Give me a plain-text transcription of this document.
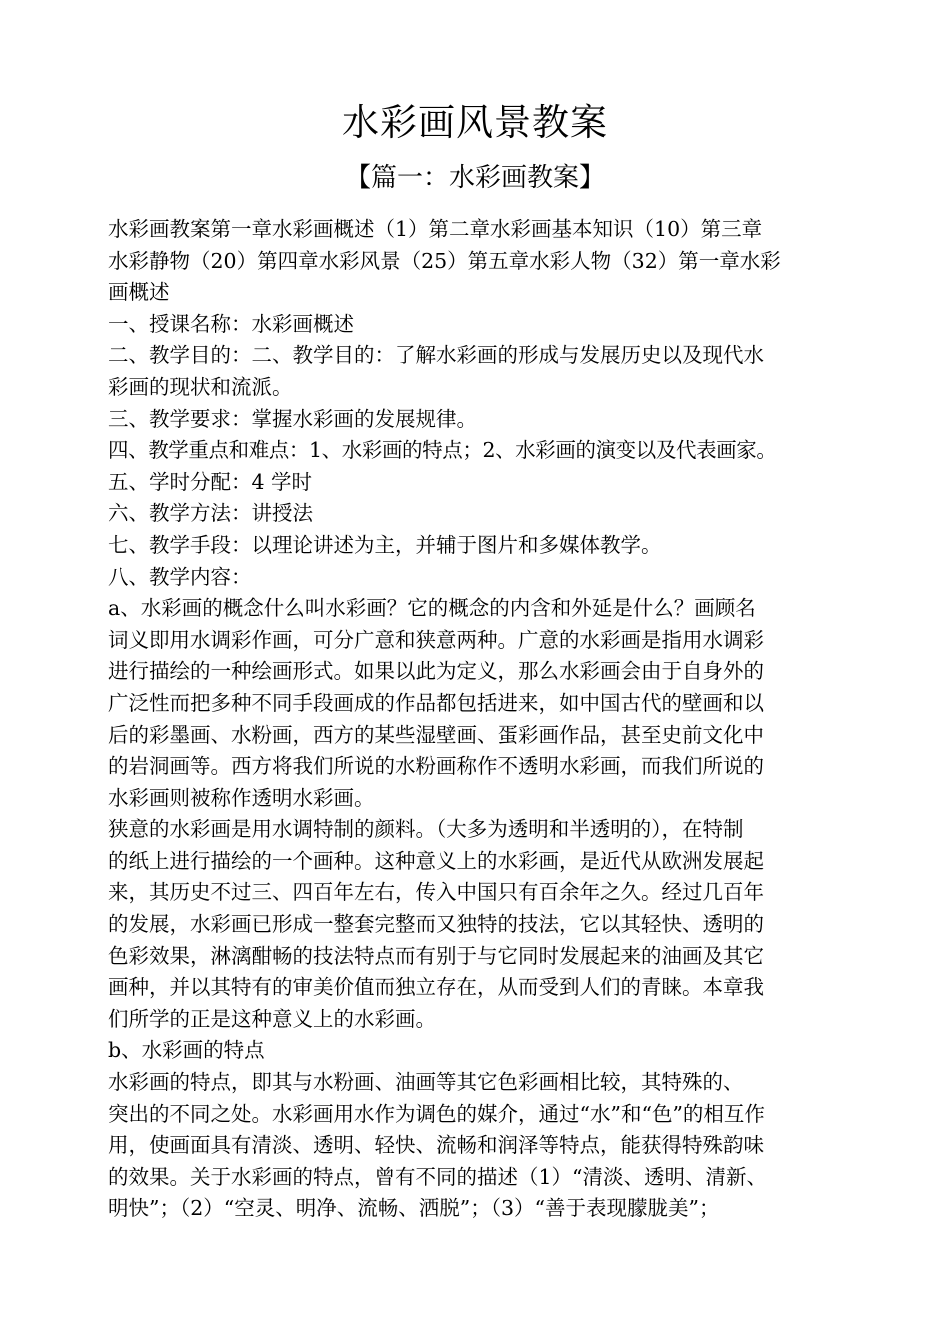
水彩画风景教案
【篇一：水彩画教案】
水彩画教案第一章水彩画概述（1）第二章水彩画基本知识（10）第三章
水彩静物（20）第四章水彩风景（25）第五章水彩人物（32）第一章水彩
画概述
一、授课名称：水彩画概述
二、教学目的：二、教学目的：了解水彩画的形成与发展历史以及现代水
彩画的现状和流派。
三、教学要求：掌握水彩画的发展规律。
四、教学重点和难点：1、水彩画的特点；2、水彩画的演变以及代表画家。
五、学时分配：4 学时
六、教学方法：讲授法
七、教学手段：以理论讲述为主，并辅于图片和多媒体教学。
八、教学内容：
a、水彩画的概念什么叫水彩画？它的概念的内含和外延是什么？画顾名
词义即用水调彩作画，可分广意和狭意两种。广意的水彩画是指用水调彩
进行描绘的一种绘画形式。如果以此为定义，那么水彩画会由于自身外的
广泛性而把多种不同手段画成的作品都包括进来，如中国古代的壁画和以
后的彩墨画、水粉画，西方的某些湿壁画、蛋彩画作品，甚至史前文化中
的岩洞画等。西方将我们所说的水粉画称作不透明水彩画，而我们所说的
水彩画则被称作透明水彩画。
狭意的水彩画是用水调特制的颜料。（大多为透明和半透明的），在特制
的纸上进行描绘的一个画种。这种意义上的水彩画，是近代从欧洲发展起
来，其历史不过三、四百年左右，传入中国只有百余年之久。经过几百年
的发展，水彩画已形成一整套完整而又独特的技法，它以其轻快、透明的
色彩效果，淋漓酣畅的技法特点而有别于与它同时发展起来的油画及其它
画种，并以其特有的审美价值而独立存在，从而受到人们的青睐。本章我
们所学的正是这种意义上的水彩画。
b、水彩画的特点
水彩画的特点，即其与水粉画、油画等其它色彩画相比较，其特殊的、
突出的不同之处。水彩画用水作为调色的媒介，通过“水”和“色”的相互作
用，使画面具有清淡、透明、轻快、流畅和润泽等特点，能获得特殊韵味
的效果。关于水彩画的特点，曾有不同的描述（1）“清淡、透明、清新、
明快”；（2）“空灵、明净、流畅、洒脱”；（3）“善于表现朦胧美”；
